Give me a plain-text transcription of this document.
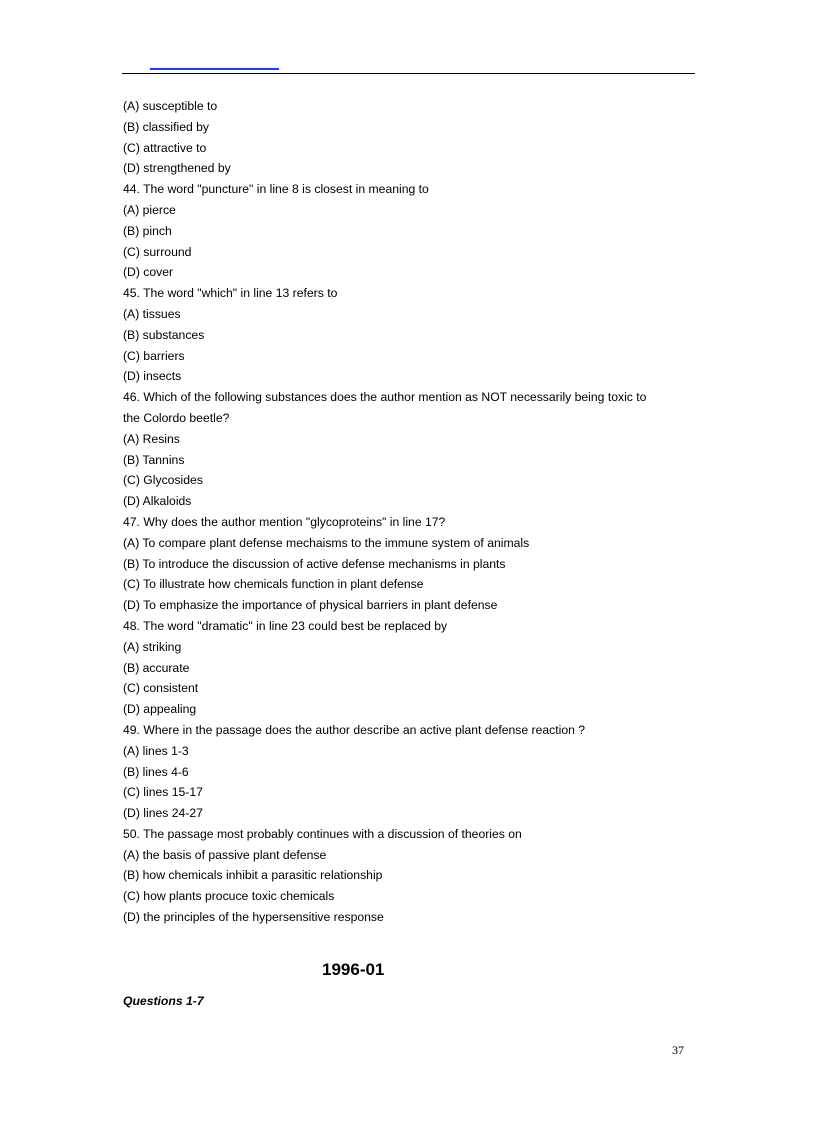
(A) susceptible to
(B) classified by
(C) attractive to
(D) strengthened by
44. The word "puncture" in line 8 is closest in meaning to
(A) pierce
(B) pinch
(C) surround
(D) cover
45. The word "which" in line 13 refers to
(A) tissues
(B) substances
(C) barriers
(D) insects
46. Which of the following substances does the author mention as NOT necessarily being toxic to
the Colordo beetle?
(A) Resins
(B) Tannins
(C) Glycosides
(D) Alkaloids
47. Why does the author mention "glycoproteins" in line 17?
(A) To compare plant defense mechaisms to the immune system of animals
(B) To introduce the discussion of active defense mechanisms in plants
(C) To illustrate how chemicals function in plant defense
(D) To emphasize the importance of physical barriers in plant defense
48. The word "dramatic" in line 23 could best be replaced by
(A) striking
(B) accurate
(C) consistent
(D) appealing
49. Where in the passage does the author describe an active plant defense reaction ?
(A) lines 1-3
(B) lines 4-6
(C) lines 15-17
(D) lines 24-27
50. The passage most probably continues with a discussion of theories on
(A) the basis of passive plant defense
(B) how chemicals inhibit a parasitic relationship
(C) how plants procuce toxic chemicals
(D) the principles of the hypersensitive response
1996-01
Questions 1-7
37
